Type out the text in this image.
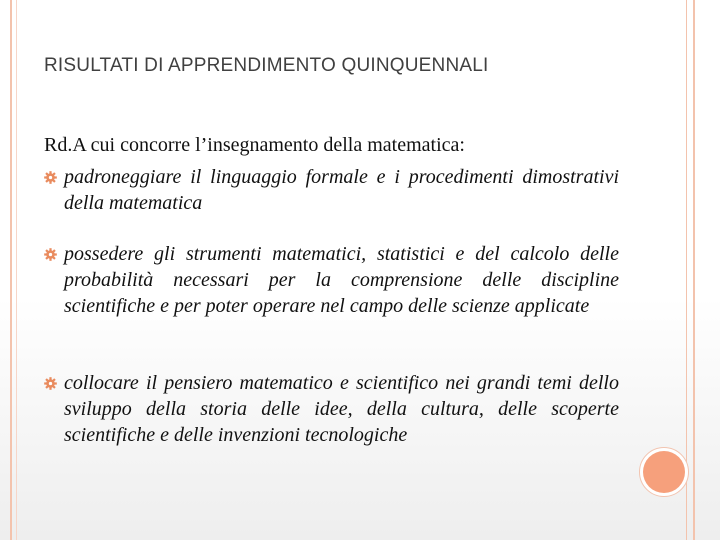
RISULTATI DI APPRENDIMENTO QUINQUENNALI
Rd.A cui concorre l’insegnamento della matematica:
padroneggiare il linguaggio formale e i procedimenti dimostrativi della matematica
possedere gli strumenti matematici, statistici e del calcolo delle probabilità necessari per la comprensione delle discipline scientifiche e per poter operare nel campo delle scienze applicate
collocare il pensiero matematico e scientifico nei grandi temi dello sviluppo della storia delle idee, della cultura, delle scoperte scientifiche e delle invenzioni tecnologiche
